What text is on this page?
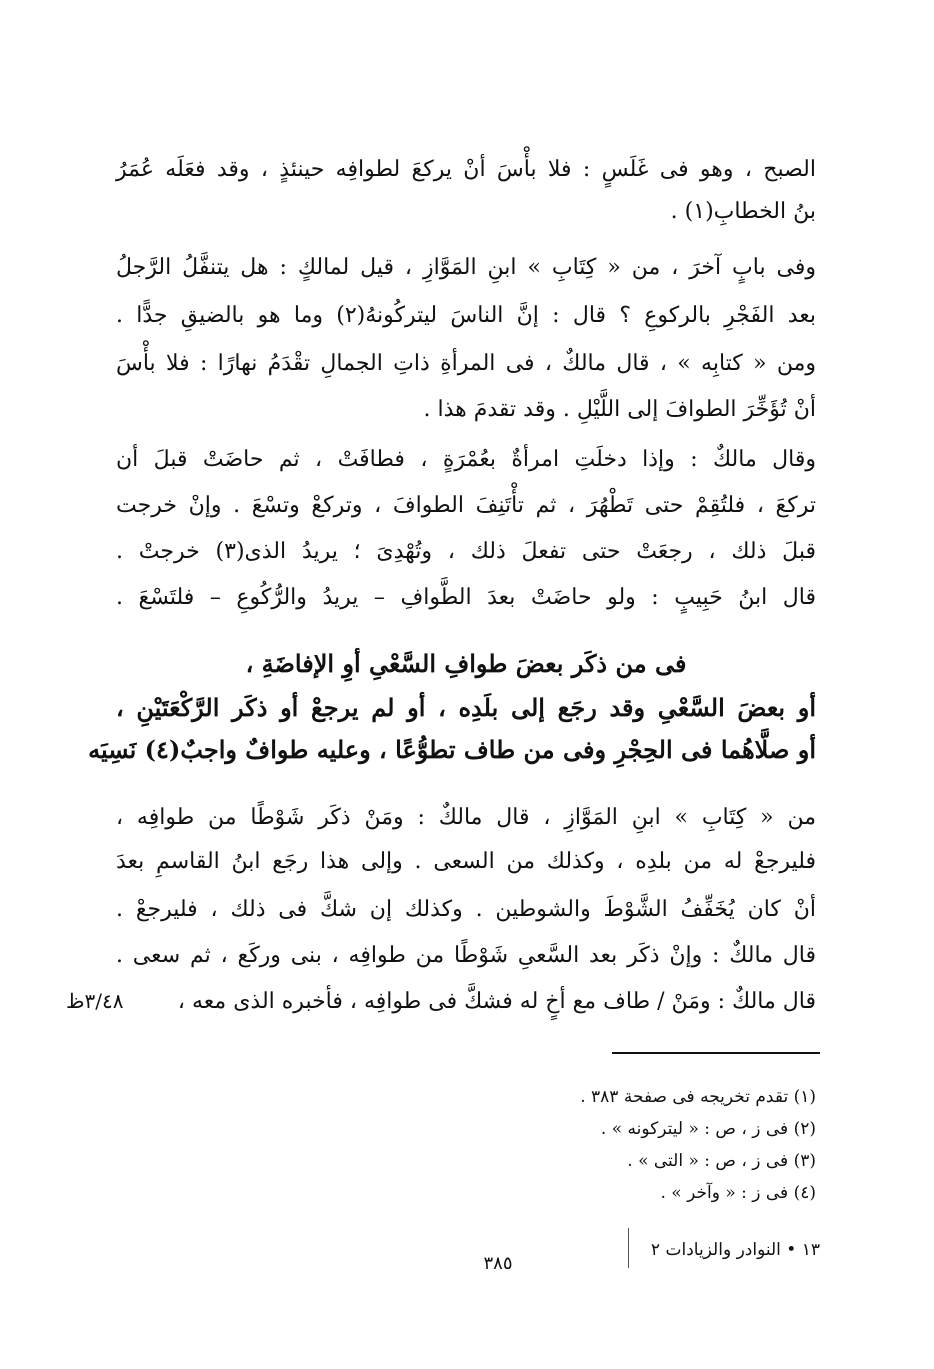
الصبح ، وهو فى غَلَسٍ : فلا بأْسَ أنْ يركعَ لطوافِه حينئذٍ ، وقد فعَلَه عُمَرُ
بنُ الخطابِ(١) .
وفى بابٍ آخرَ ، من « كِتَابِ » ابنِ المَوَّازِ ، قيل لمالكٍ : هل يتنفَّلُ الرَّجلُ
بعد الفَجْرِ بالركوعِ ؟ قال : إنَّ الناسَ ليتركُونهُ(٢) وما هو بالضيقِ جدًّا .
ومن « كتابِه » ، قال مالكٌ ، فى المرأةِ ذاتِ الجمالِ تقْدَمُ نهارًا : فلا بأْسَ
أنْ تُؤَخِّرَ الطوافَ إلى اللَّيْلِ . وقد تقدمَ هذا .
وقال مالكٌ : وإذا دخلَتِ امرأةٌ بعُمْرَةٍ ، فطافَتْ ، ثم حاضَتْ قبلَ أن
تركعَ ، فلتُقِمْ حتى تَطْهُرَ ، ثم تأْتَنِفَ الطوافَ ، وتركعْ وتسْعَ . وإنْ خرجت
قبلَ ذلك ، رجعَتْ حتى تفعلَ ذلك ، وتُهْدِىَ ؛ يريدُ الذى(٣) خرجتْ .
قال ابنُ حَبِيبٍ : ولو حاضَتْ بعدَ الطَّوافِ – يريدُ والرُّكُوعِ – فلتَسْعَ .
فى من ذكَر بعضَ طوافِ السَّعْىِ أوِ الإفاضَةِ ،
أو بعضَ السَّعْىِ وقد رجَع إلى بلَدِه ، أو لم يرجعْ أو ذكَر الرَّكْعَتَيْنِ ،
أو صلَّاهُما فى الحِجْرِ وفى من طاف تطوُّعًا ، وعليه طوافٌ واجبٌ(٤) نَسِيَه
من « كِتَابِ » ابنِ المَوَّازِ ، قال مالكٌ : ومَنْ ذكَر شَوْطًا من طوافِه ،
فليرجعْ له من بلدِه ، وكذلك من السعى . وإلى هذا رجَع ابنُ القاسمِ بعدَ
أنْ كان يُخَفِّفُ الشَّوْطَ والشوطين . وكذلك إن شكَّ فى ذلك ، فليرجعْ .
قال مالكٌ : وإنْ ذكَر بعد السَّعىِ شَوْطًا من طوافِه ، بنى وركَع ، ثم سعى .
قال مالكٌ : ومَنْ / طاف مع أخٍ له فشكَّ فى طوافِه ، فأخبره الذى معه ،
٣/٤٨ظ
(١) تقدم تخريجه فى صفحة ٣٨٣ .
(٢) فى ز ، ص : « ليتركونه » .
(٣) فى ز ، ص : « التى » .
(٤) فى ز : « وآخر » .
١٣ • النوادر والزيادات ٢
٣٨٥
